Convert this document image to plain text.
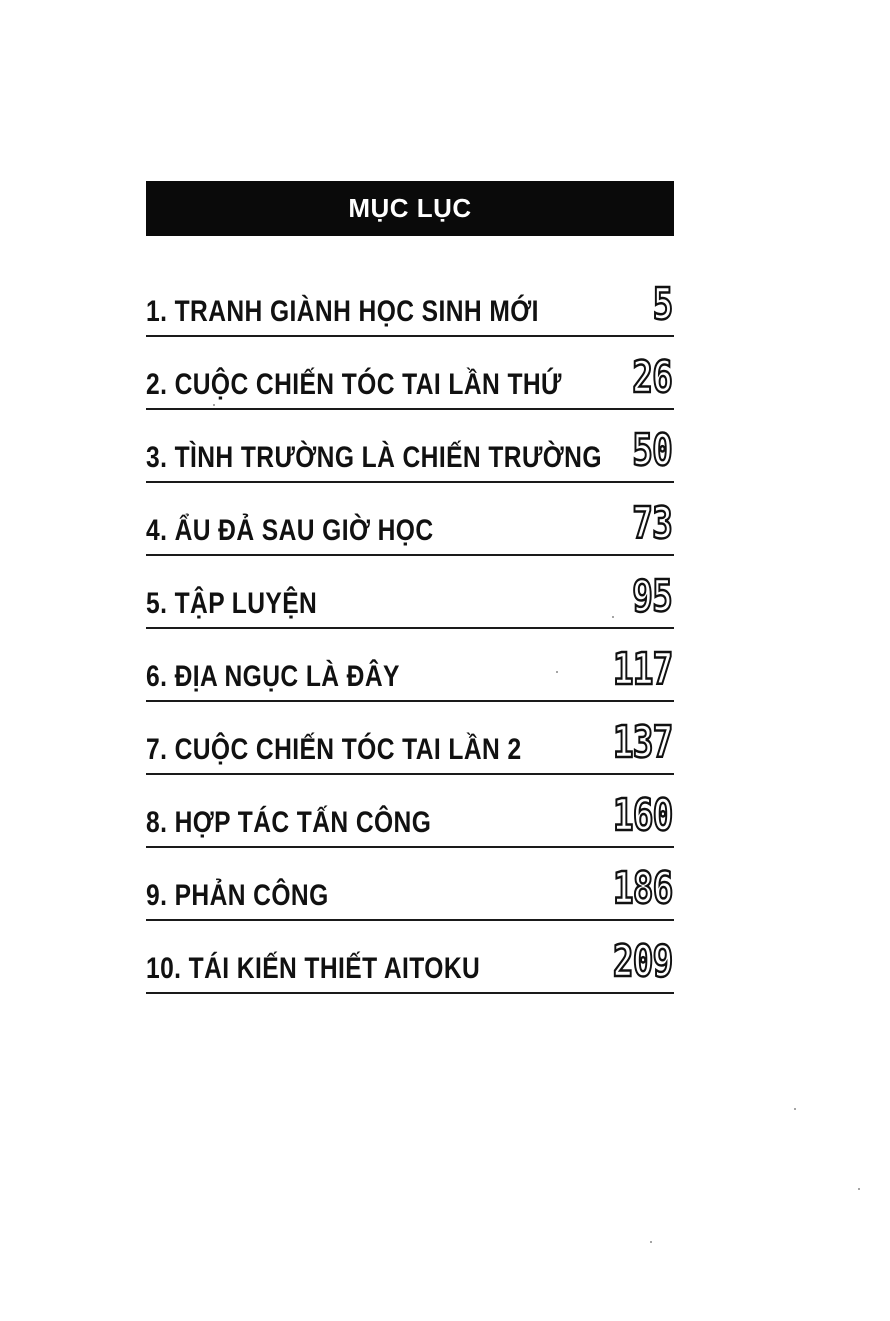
MỤC LỤC
1. TRANH GIÀNH HỌC SINH MỚI	5
2. CUỘC CHIẾN TÓC TAI LẦN THỨ 26
3. TÌNH TRƯỜNG LÀ CHIẾN TRƯỜNG 50
4. ẨU ĐẢ SAU GIỜ HỌC	73
5. TẬP LUYỆN	95
6. ĐỊA NGỤC LÀ ĐÂY	117
7. CUỘC CHIẾN TÓC TAI LẦN 2 137
8. HỢP TÁC TẤN CÔNG	160
9. PHẢN CÔNG	186
10. TÁI KIẾN THIẾT AITOKU	209
